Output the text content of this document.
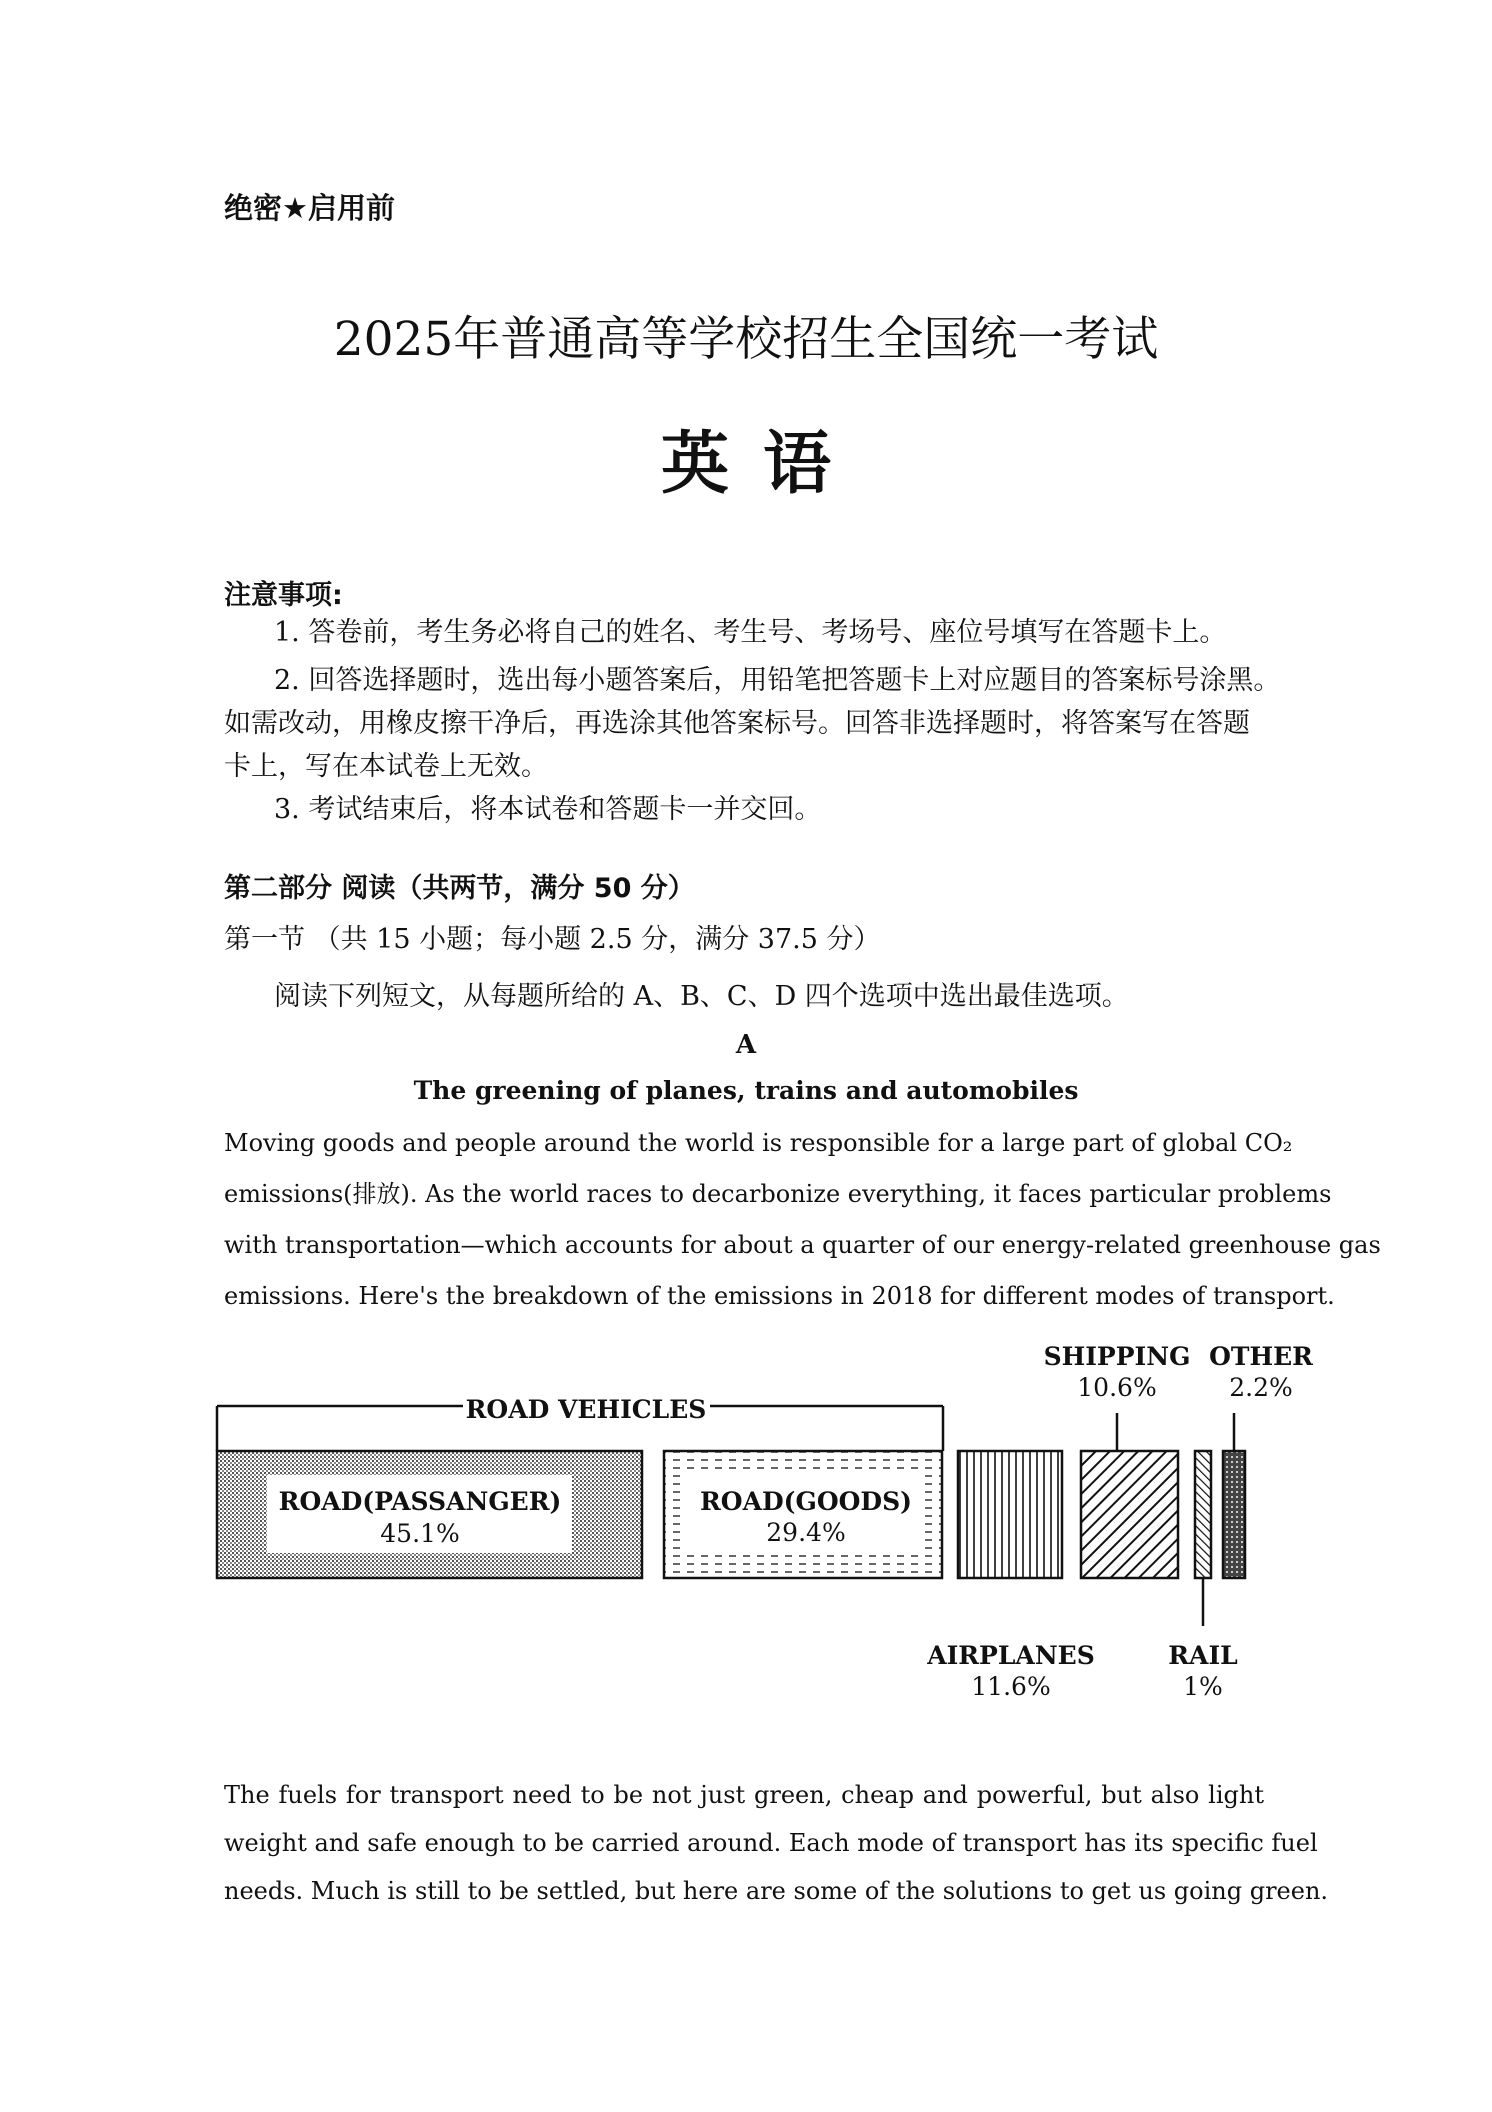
绝密★启用前
2025年普通高等学校招生全国统一考试
英语
注意事项:
1. 答卷前，考生务必将自己的姓名、考生号、考场号、座位号填写在答题卡上。
2. 回答选择题时，选出每小题答案后，用铅笔把答题卡上对应题目的答案标号涂黑。
如需改动，用橡皮擦干净后，再选涂其他答案标号。回答非选择题时，将答案写在答题
卡上，写在本试卷上无效。
3. 考试结束后，将本试卷和答题卡一并交回。
第二部分 阅读（共两节，满分 50 分）
第一节 （共 15 小题；每小题 2.5 分，满分 37.5 分）
阅读下列短文，从每题所给的 A、B、C、D 四个选项中选出最佳选项。
A
The greening of planes, trains and automobiles
Moving goods and people around the world is responsible for a large part of global CO₂
emissions(排放). As the world races to decarbonize everything, it faces particular problems
with transportation—which accounts for about a quarter of our energy-related greenhouse gas
emissions. Here's the breakdown of the emissions in 2018 for different modes of transport.
ROAD VEHICLES
ROAD(PASSANGER)
45.1%
ROAD(GOODS)
29.4%
SHIPPING
10.6%
OTHER
2.2%
AIRPLANES
11.6%
RAIL
1%
The fuels for transport need to be not just green, cheap and powerful, but also light
weight and safe enough to be carried around. Each mode of transport has its specific fuel
needs. Much is still to be settled, but here are some of the solutions to get us going green.
